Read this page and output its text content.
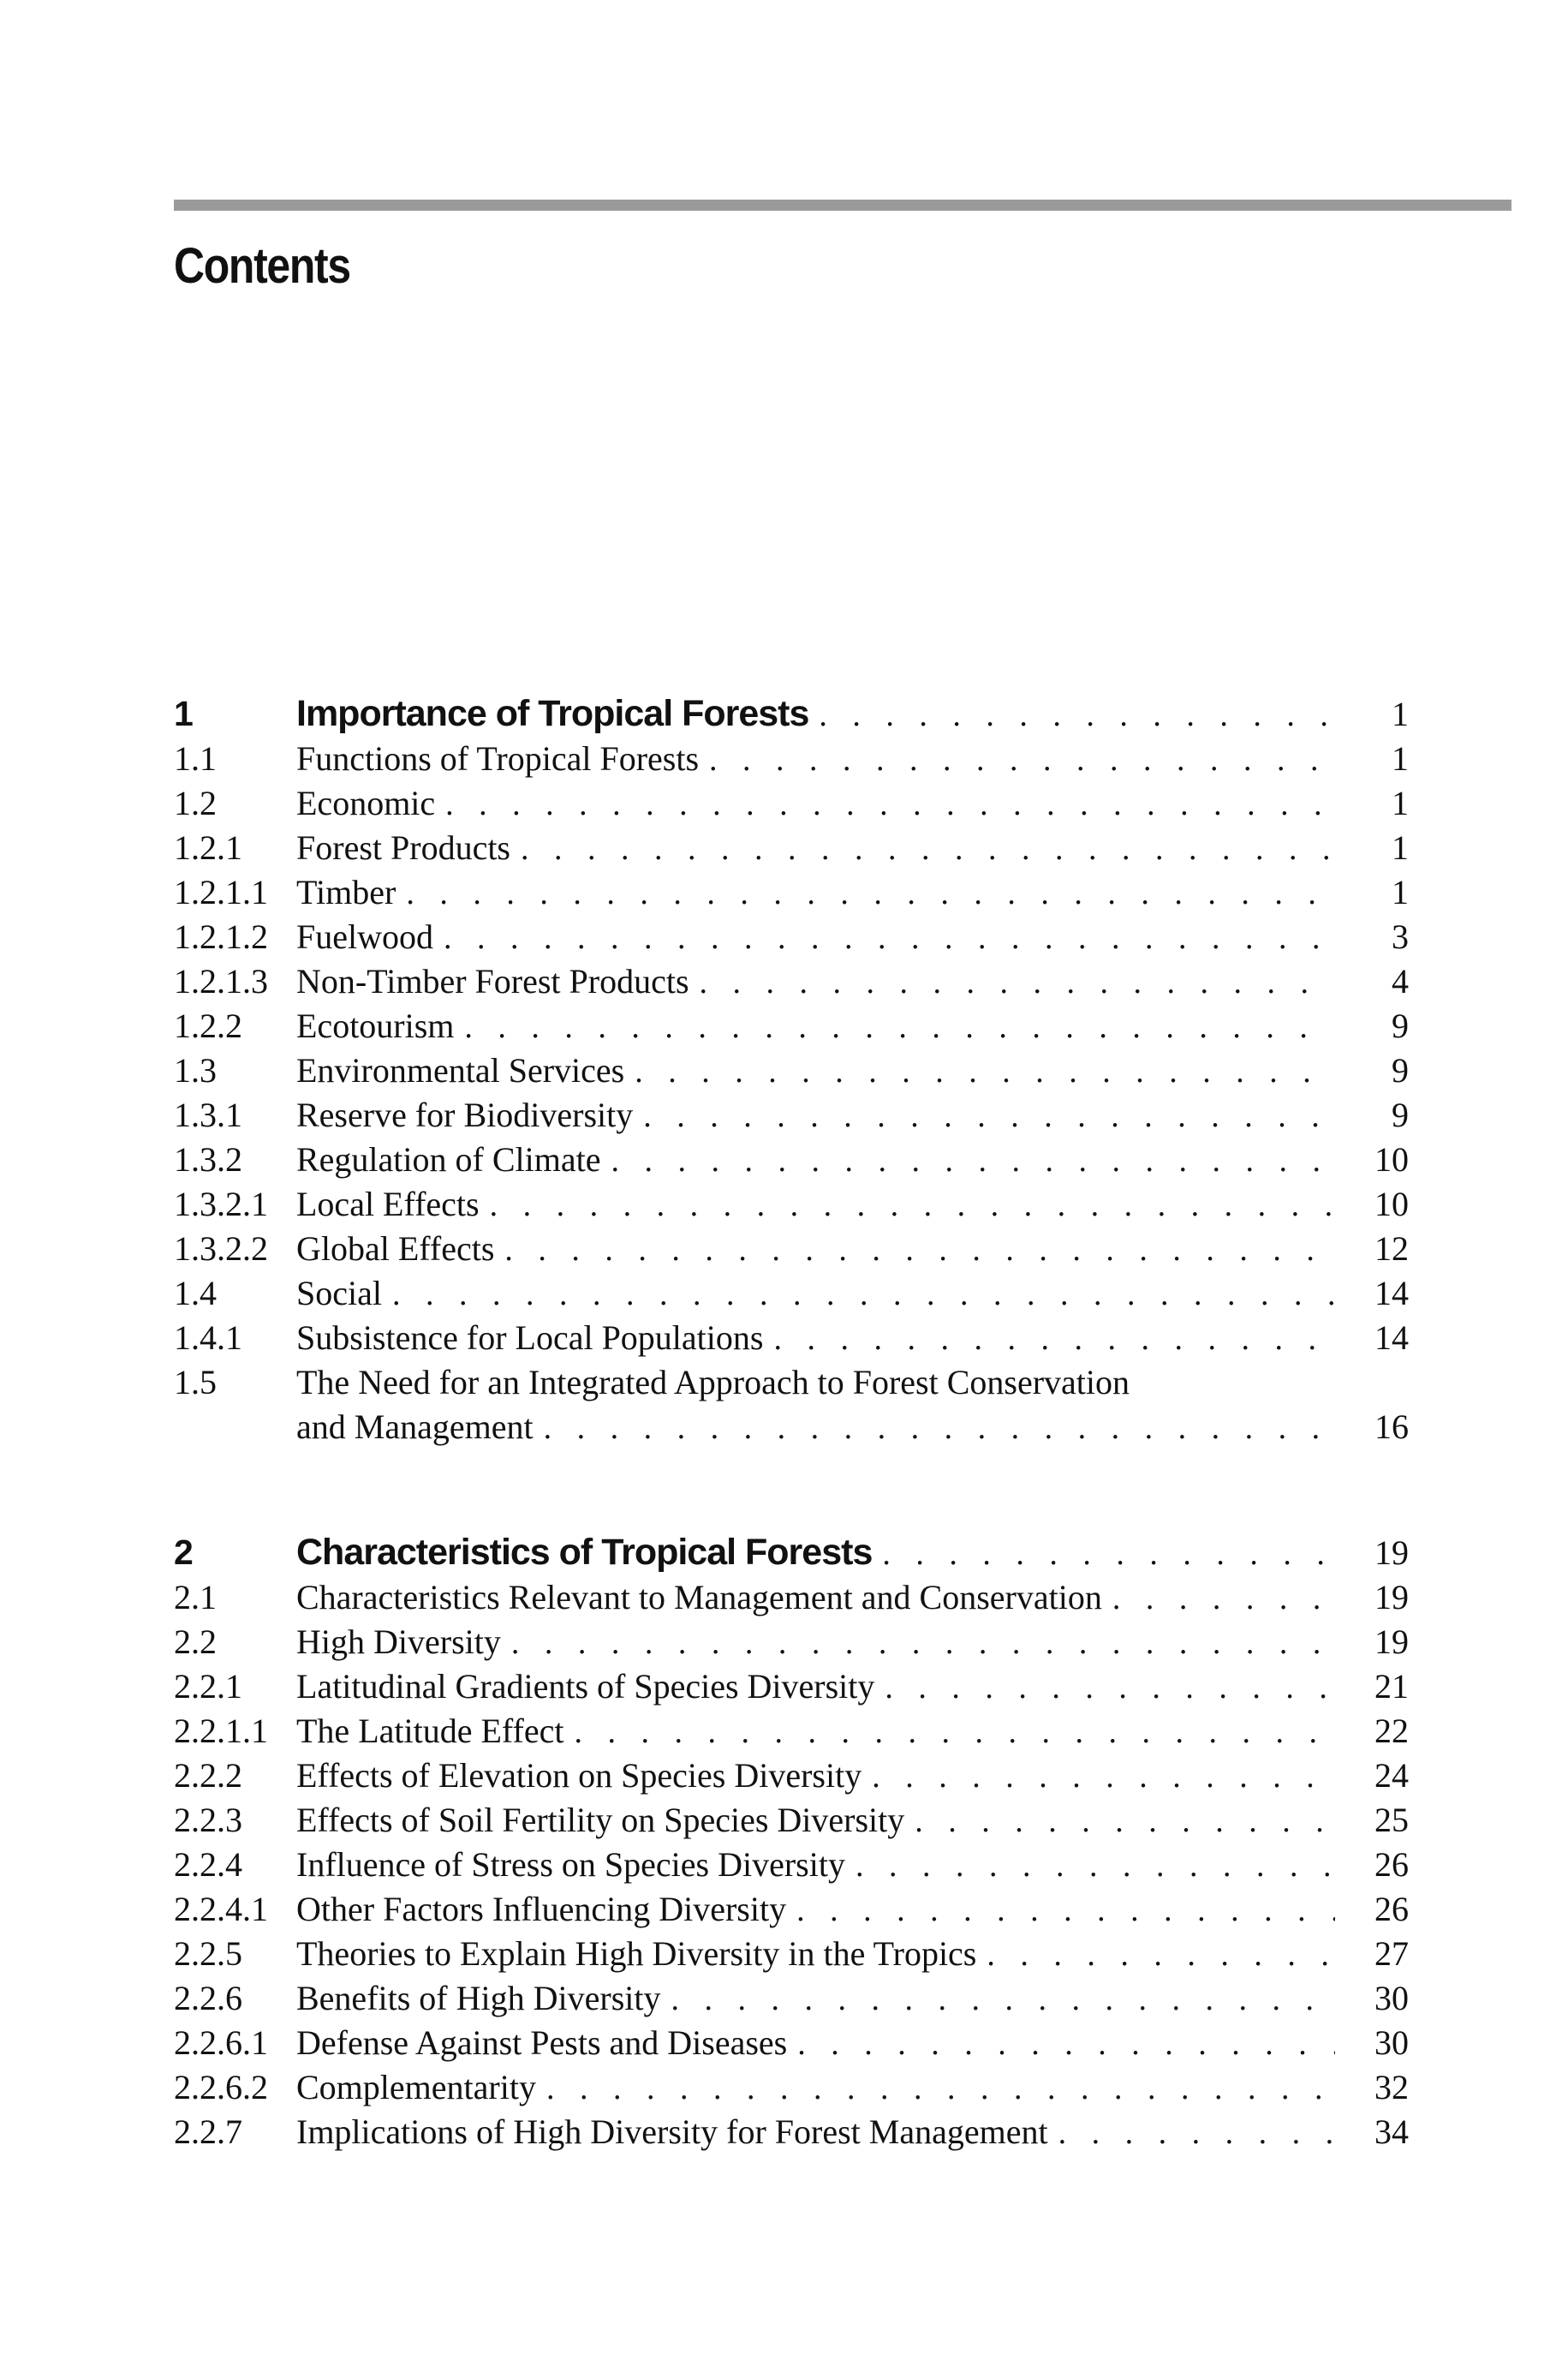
Contents
1	Importance of Tropical Forests . . .	1
1.1	Functions of Tropical Forests . . .	1
1.2	Economic . . .	1
1.2.1	Forest Products . . .	1
1.2.1.1 Timber . . .	1
1.2.1.2 Fuelwood . . .	3
1.2.1.3 Non-Timber Forest Products . . .	4
1.2.2	Ecotourism . . .	9
1.3	Environmental Services . . .	9
1.3.1	Reserve for Biodiversity . . .	9
1.3.2	Regulation of Climate . . .	10
1.3.2.1 Local Effects . . .	10
1.3.2.2 Global Effects . . .	12
1.4	Social . . .	14
1.4.1	Subsistence for Local Populations . . .	14
1.5	The Need for an Integrated Approach to Forest Conservation
and Management . . .	16
2	Characteristics of Tropical Forests . . .	19
2.1	Characteristics Relevant to Management and Conservation . . .	19
2.2	High Diversity . . .	19
2.2.1	Latitudinal Gradients of Species Diversity . . .	21
2.2.1.1 The Latitude Effect . . .	22
2.2.2	Effects of Elevation on Species Diversity . . .	24
2.2.3	Effects of Soil Fertility on Species Diversity . . .	25
2.2.4	Influence of Stress on Species Diversity . . .	26
2.2.4.1 Other Factors Influencing Diversity . . .	26
2.2.5	Theories to Explain High Diversity in the Tropics . . .	27
2.2.6	Benefits of High Diversity . . .	30
2.2.6.1 Defense Against Pests and Diseases . . .	30
2.2.6.2 Complementarity . . .	32
2.2.7	Implications of High Diversity for Forest Management . . .	34
